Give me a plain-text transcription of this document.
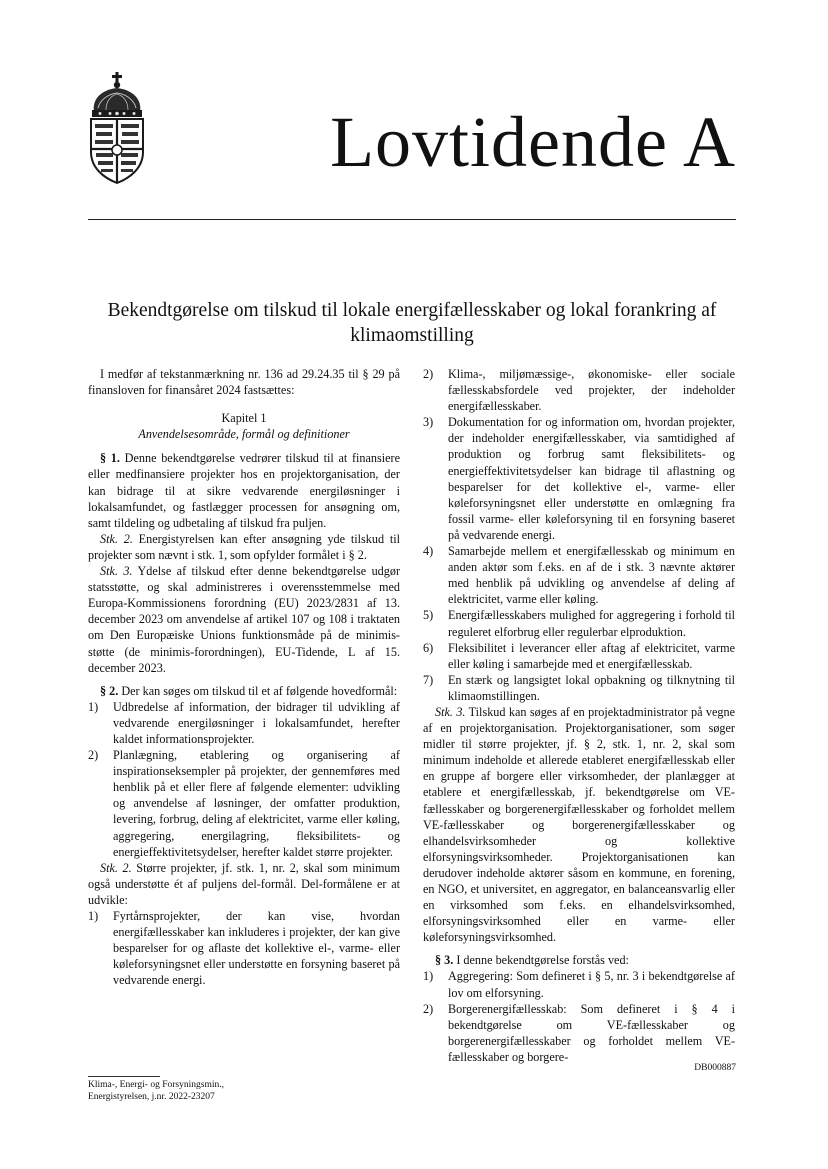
Lovtidende A
Bekendtgørelse om tilskud til lokale energifællesskaber og lokal forankring af klimaomstilling

I medfør af tekstanmærkning nr. 136 ad 29.24.35 til § 29 på finansloven for finansåret 2024 fastsættes:

Kapitel 1

Anvendelsesområde, formål og definitioner

§ 1. Denne bekendtgørelse vedrører tilskud til at finansiere eller medfinansiere projekter hos en projektorganisation, der kan bidrage til at sikre vedvarende energiløsninger i lokalsamfundet, og fastlægger processen for ansøgning om, samt tildeling og udbetaling af tilskud fra puljen.

Stk. 2. Energistyrelsen kan efter ansøgning yde tilskud til projekter som nævnt i stk. 1, som opfylder formålet i § 2.

Stk. 3. Ydelse af tilskud efter denne bekendtgørelse udgør statsstøtte, og skal administreres i overensstemmelse med Europa-Kommissionens forordning (EU) 2023/2831 af 13. december 2023 om anvendelse af artikel 107 og 108 i traktaten om Den Europæiske Unions funktionsmåde på de minimis-støtte (de minimis-forordningen), EU-Tidende, L af 15. december 2023.

§ 2. Der kan søges om tilskud til et af følgende hovedformål:

1)	Udbredelse af information, der bidrager til udvikling af vedvarende energiløsninger i lokalsamfundet, herefter kaldet informationsprojekter.
2)	Planlægning, etablering og organisering af inspirationseksempler på projekter, der gennemføres med henblik på et eller flere af følgende elementer: udvikling og anvendelse af løsninger, der omfatter produktion, levering, forbrug, deling af elektricitet, varme eller køling, aggregering, energilagring, fleksibilitets- og energieffektivitetsydelser, herefter kaldet større projekter.

Stk. 2. Større projekter, jf. stk. 1, nr. 2, skal som minimum også understøtte ét af puljens del-formål. Del-formålene er at udvikle:

1)	Fyrtårnsprojekter, der kan vise, hvordan energifællesskaber kan inkluderes i projekter, der kan give besparelser for og aflaste det kollektive el-, varme- eller køleforsyningsnet eller understøtte en forsyning baseret på vedvarende energi.
2)	Klima-, miljømæssige-, økonomiske- eller sociale fællesskabsfordele ved projekter, der indeholder energifællesskaber.
3)	Dokumentation for og information om, hvordan projekter, der indeholder energifællesskaber, via samtidighed af produktion og forbrug samt fleksibilitets- og energieffektivitetsydelser kan bidrage til aflastning og besparelser for det kollektive el-, varme- eller køleforsyningsnet eller understøtte en omlægning fra fossil varme- eller køleforsyning til en forsyning baseret på vedvarende energi.
4)	Samarbejde mellem et energifællesskab og minimum en anden aktør som f.eks. en af de i stk. 3 nævnte aktører med henblik på udvikling og anvendelse af deling af elektricitet, varme eller køling.
5)	Energifællesskabers mulighed for aggregering i forhold til reguleret elforbrug eller regulerbar elproduktion.
6)	Fleksibilitet i leverancer eller aftag af elektricitet, varme eller køling i samarbejde med et energifællesskab.
7)	En stærk og langsigtet lokal opbakning og tilknytning til klimaomstillingen.

Stk. 3. Tilskud kan søges af en projektadministrator på vegne af en projektorganisation. Projektorganisationer, som søger midler til større projekter, jf. § 2, stk. 1, nr. 2, skal som minimum indeholde et allerede etableret energifællesskab eller en gruppe af borgere eller virksomheder, der planlægger at etablere et energifællesskab, jf. bekendtgørelse om VE-fællesskaber og borgerenergifællesskaber og forholdet mellem VE-fællesskaber og borgerenergifællesskaber og elhandelsvirksomheder og kollektive elforsyningsvirksomheder. Projektorganisationen kan derudover indeholde aktører såsom en kommune, en forening, en NGO, et universitet, en aggregator, en balanceansvarlig eller en virksomhed som f.eks. en elhandelsvirksomhed, elforsyningsvirksomhed eller en varme- eller køleforsyningsvirksomhed.

§ 3. I denne bekendtgørelse forstås ved:

1)	Aggregering: Som defineret i § 5, nr. 3 i bekendtgørelse af lov om elforsyning.
2)	Borgerenergifællesskab: Som defineret i § 4 i bekendtgørelse om VE-fællesskaber og borgerenergifællesskaber og forholdet mellem VE-fællesskaber og borgere-
DB000887
Klima-, Energi- og Forsyningsmin.,
Energistyrelsen, j.nr. 2022-23207
